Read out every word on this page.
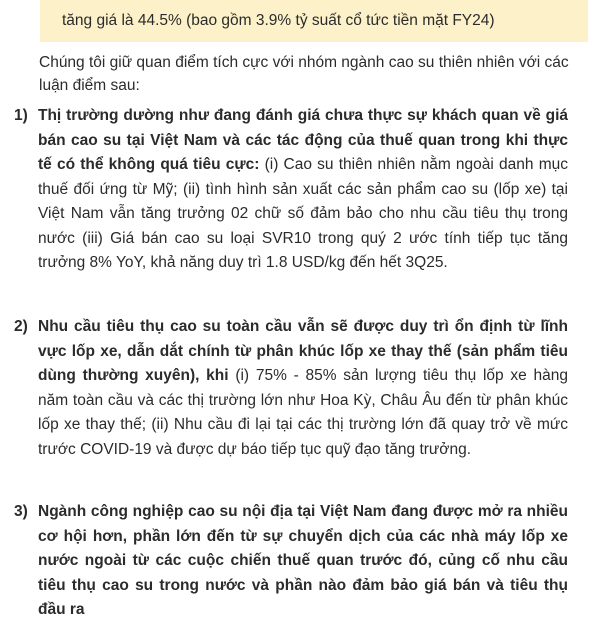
tăng giá là 44.5% (bao gồm 3.9% tỷ suất cổ tức tiền mặt FY24)
Chúng tôi giữ quan điểm tích cực với nhóm ngành cao su thiên nhiên với các luận điểm sau:
1) Thị trường dường như đang đánh giá chưa thực sự khách quan về giá bán cao su tại Việt Nam và các tác động của thuế quan trong khi thực tế có thể không quá tiêu cực: (i) Cao su thiên nhiên nằm ngoài danh mục thuế đối ứng từ Mỹ; (ii) tình hình sản xuất các sản phẩm cao su (lốp xe) tại Việt Nam vẫn tăng trưởng 02 chữ số đảm bảo cho nhu cầu tiêu thụ trong nước (iii) Giá bán cao su loại SVR10 trong quý 2 ước tính tiếp tục tăng trưởng 8% YoY, khả năng duy trì 1.8 USD/kg đến hết 3Q25.
2) Nhu cầu tiêu thụ cao su toàn cầu vẫn sẽ được duy trì ổn định từ lĩnh vực lốp xe, dẫn dắt chính từ phân khúc lốp xe thay thế (sản phẩm tiêu dùng thường xuyên), khi (i) 75% - 85% sản lượng tiêu thụ lốp xe hàng năm toàn cầu và các thị trường lớn như Hoa Kỳ, Châu Âu đến từ phân khúc lốp xe thay thế; (ii) Nhu cầu đi lại tại các thị trường lớn đã quay trở về mức trước COVID-19 và được dự báo tiếp tục quỹ đạo tăng trưởng.
3) Ngành công nghiệp cao su nội địa tại Việt Nam đang được mở ra nhiều cơ hội hơn, phần lớn đến từ sự chuyển dịch của các nhà máy lốp xe nước ngoài từ các cuộc chiến thuế quan trước đó, củng cố nhu cầu tiêu thụ cao su trong nước và phần nào đảm bảo giá bán và tiêu thụ đầu ra
